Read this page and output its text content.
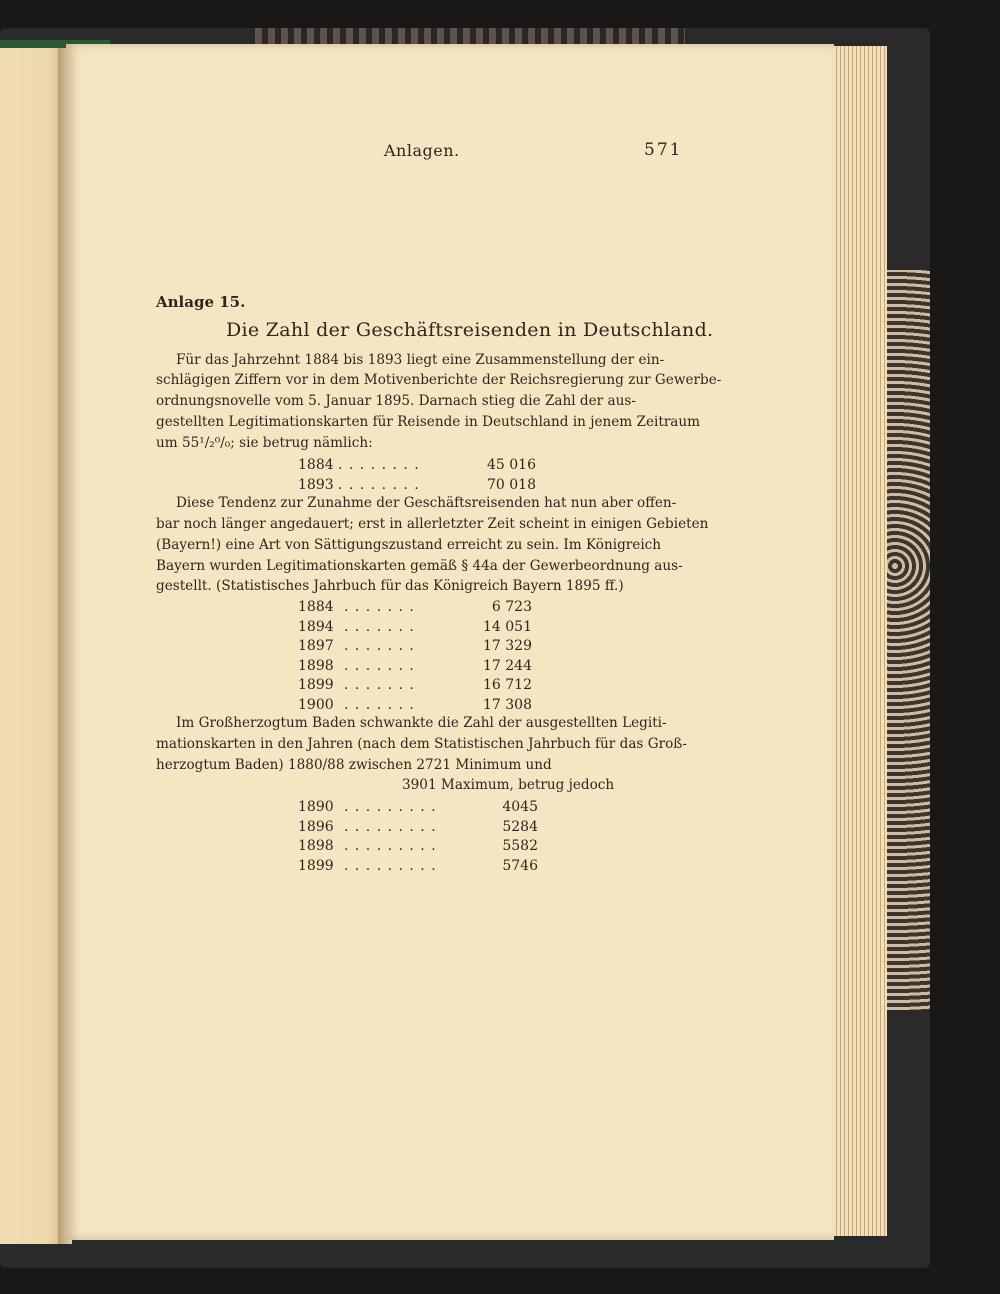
Anlagen.	571
Anlage 15.
Die Zahl der Geschäftsreisenden in Deutschland.
Für das Jahrzehnt 1884 bis 1893 liegt eine Zusammenstellung der ein-
schlägigen Ziffern vor in dem Motivenberichte der Reichsregierung zur Gewerbe-
ordnungsnovelle vom 5. Januar 1895. Darnach stieg die Zahl der aus-
gestellten Legitimationskarten für Reisende in Deutschland in jenem Zeitraum
um 55¹/₂⁰/₀; sie betrug nämlich:
1884 . . . . . . . .	45 016
1893 . . . . . . . .	70 018
Diese Tendenz zur Zunahme der Geschäftsreisenden hat nun aber offen-
bar noch länger angedauert; erst in allerletzter Zeit scheint in einigen Gebieten
(Bayern!) eine Art von Sättigungszustand erreicht zu sein. Im Königreich
Bayern wurden Legitimationskarten gemäß § 44a der Gewerbeordnung aus-
gestellt. (Statistisches Jahrbuch für das Königreich Bayern 1895 ff.)
1884 . . . . . . .	6 723
1894 . . . . . . .	14 051
1897 . . . . . . .	17 329
1898 . . . . . . .	17 244
1899 . . . . . . .	16 712
1900 . . . . . . .	17 308
Im Großherzogtum Baden schwankte die Zahl der ausgestellten Legiti-
mationskarten in den Jahren (nach dem Statistischen Jahrbuch für das Groß-
herzogtum Baden) 1880/88 zwischen 2721 Minimum und
3901 Maximum, betrug jedoch
1890 . . . . . . . . .	4045
1896 . . . . . . . . .	5284
1898 . . . . . . . . .	5582
1899 . . . . . . . . .	5746
